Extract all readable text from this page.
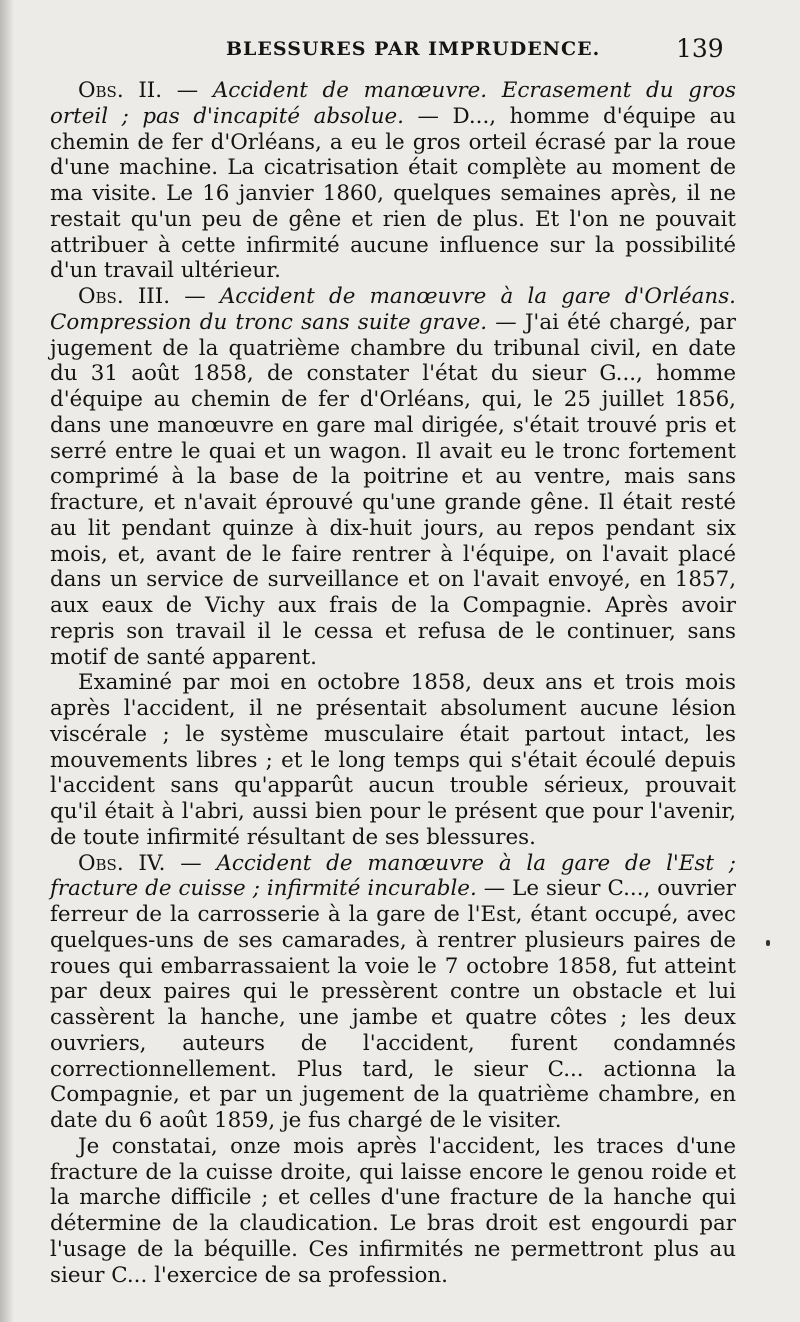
BLESSURES PAR IMPRUDENCE.	139

Obs. II. — Accident de manœuvre. Ecrasement du gros orteil ; pas d'incapité absolue. — D..., homme d'équipe au chemin de fer d'Orléans, a eu le gros orteil écrasé par la roue d'une machine. La cicatrisation était complète au moment de ma visite. Le 16 janvier 1860, quelques semaines après, il ne restait qu'un peu de gêne et rien de plus. Et l'on ne pouvait attribuer à cette infirmité aucune influence sur la possibilité d'un travail ultérieur.

Obs. III. — Accident de manœuvre à la gare d'Orléans. Compression du tronc sans suite grave. — J'ai été chargé, par jugement de la quatrième chambre du tribunal civil, en date du 31 août 1858, de constater l'état du sieur G..., homme d'équipe au chemin de fer d'Orléans, qui, le 25 juillet 1856, dans une manœuvre en gare mal dirigée, s'était trouvé pris et serré entre le quai et un wagon. Il avait eu le tronc fortement comprimé à la base de la poitrine et au ventre, mais sans fracture, et n'avait éprouvé qu'une grande gêne. Il était resté au lit pendant quinze à dix-huit jours, au repos pendant six mois, et, avant de le faire rentrer à l'équipe, on l'avait placé dans un service de surveillance et on l'avait envoyé, en 1857, aux eaux de Vichy aux frais de la Compagnie. Après avoir repris son travail il le cessa et refusa de le continuer, sans motif de santé apparent.

Examiné par moi en octobre 1858, deux ans et trois mois après l'accident, il ne présentait absolument aucune lésion viscérale ; le système musculaire était partout intact, les mouvements libres ; et le long temps qui s'était écoulé depuis l'accident sans qu'apparût aucun trouble sérieux, prouvait qu'il était à l'abri, aussi bien pour le présent que pour l'avenir, de toute infirmité résultant de ses blessures.

Obs. IV. — Accident de manœuvre à la gare de l'Est ; fracture de cuisse ; infirmité incurable. — Le sieur C..., ouvrier ferreur de la carrosserie à la gare de l'Est, étant occupé, avec quelques-uns de ses camarades, à rentrer plusieurs paires de roues qui embarrassaient la voie le 7 octobre 1858, fut atteint par deux paires qui le pressèrent contre un obstacle et lui cassèrent la hanche, une jambe et quatre côtes ; les deux ouvriers, auteurs de l'accident, furent condamnés correctionnellement. Plus tard, le sieur C... actionna la Compagnie, et par un jugement de la quatrième chambre, en date du 6 août 1859, je fus chargé de le visiter.

Je constatai, onze mois après l'accident, les traces d'une fracture de la cuisse droite, qui laisse encore le genou roide et la marche difficile ; et celles d'une fracture de la hanche qui détermine de la claudication. Le bras droit est engourdi par l'usage de la béquille. Ces infirmités ne permettront plus au sieur C... l'exercice de sa profession.
